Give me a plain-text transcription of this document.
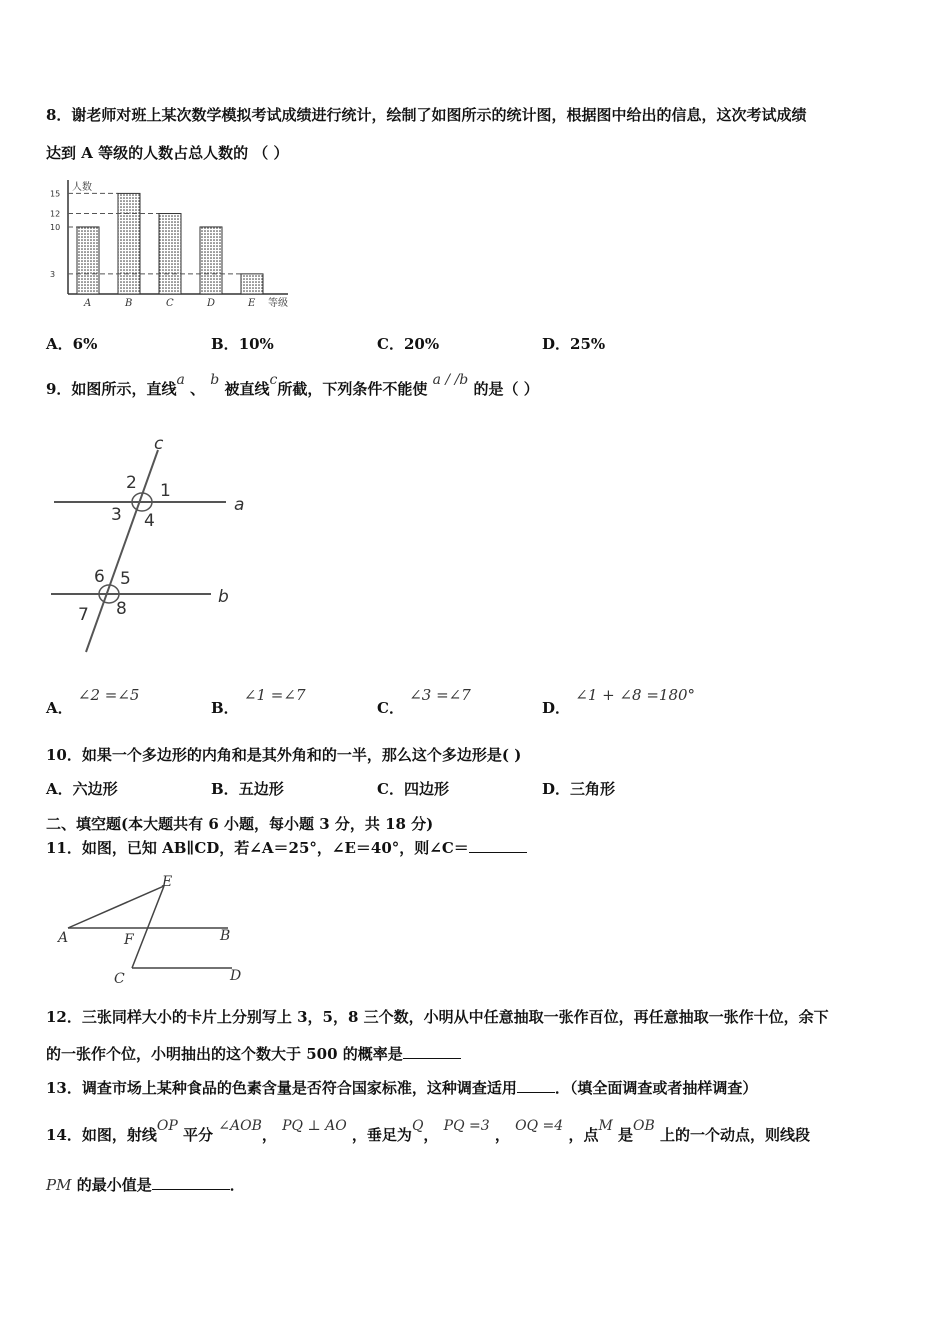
8．谢老师对班上某次数学模拟考试成绩进行统计，绘制了如图所示的统计图，根据图中给出的信息，这次考试成绩
达到 A 等级的人数占总人数的 （ ）
人数
A	B	C	D	E
15
12
10
3
等级
A．6%	B．10%	C．20%	D．25%
9．如图所示，直线a 、 b 被直线c所截，下列条件不能使 a / /b 的是（ ）
c
a
b
2 1
3 4
6 5
7 8
A． ∠2 =∠5
B． ∠1 =∠7
C． ∠3 =∠7
D． ∠1 + ∠8 =180°
10．如果一个多边形的内角和是其外角和的一半，那么这个多边形是( )
A．六边形	B．五边形	C．四边形	D．三角形
二、填空题(本大题共有 6 小题，每小题 3 分，共 18 分)
11．如图，已知 AB∥CD，若∠A＝25°，∠E＝40°，则∠C＝
E
A	F	B
C	D
12．三张同样大小的卡片上分别写上 3，5，8 三个数，小明从中任意抽取一张作百位，再任意抽取一张作十位，余下
的一张作个位，小明抽出的这个数大于 500 的概率是
13．调查市场上某种食品的色素含量是否符合国家标准，这种调查适用	．（填全面调查或者抽样调查）
14．如图，射线OP 平分 ∠AOB， PQ ⊥ AO ，垂足为Q， PQ =3 ， OQ =4 ，点M 是OB 上的一个动点，则线段
PM 的最小值是	．
